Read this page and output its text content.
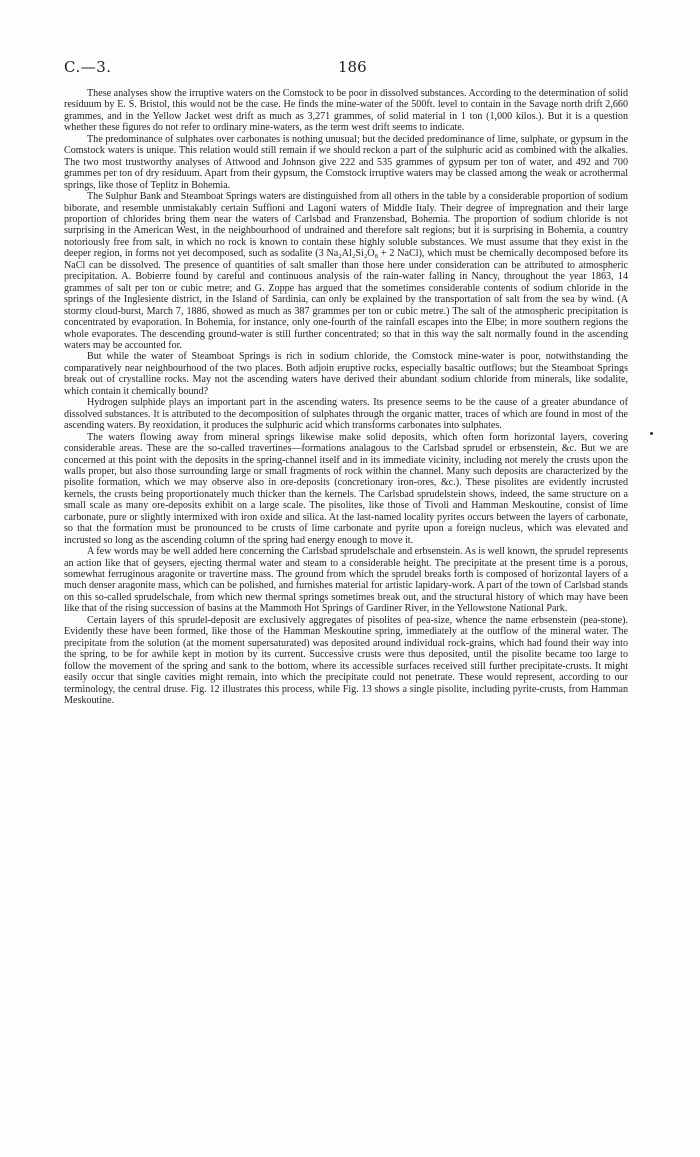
C.—3.	186

These analyses show the irruptive waters on the Comstock to be poor in dissolved substances. According to the determination of solid residuum by E. S. Bristol, this would not be the case. He finds the mine-water of the 500ft. level to contain in the Savage north drift 2,660 grammes, and in the Yellow Jacket west drift as much as 3,271 grammes, of solid material in 1 ton (1,000 kilos.). But it is a question whether these figures do not refer to ordinary mine-waters, as the term west drift seems to indicate.

The predominance of sulphates over carbonates is nothing unusual; but the decided predominance of lime, sulphate, or gypsum in the Comstock waters is unique. This relation would still remain if we should reckon a part of the sulphuric acid as combined with the alkalies. The two most trustworthy analyses of Attwood and Johnson give 222 and 535 grammes of gypsum per ton of water, and 492 and 700 grammes per ton of dry residuum. Apart from their gypsum, the Comstock irruptive waters may be classed among the weak or acrothermal springs, like those of Teplitz in Bohemia.

The Sulphur Bank and Steamboat Springs waters are distinguished from all others in the table by a considerable proportion of sodium biborate, and resemble unmistakably certain Suffioni and Lagoni waters of Middle Italy. Their degree of impregnation and their large proportion of chlorides bring them near the waters of Carlsbad and Franzensbad, Bohemia. The proportion of sodium chloride is not surprising in the American West, in the neighbourhood of undrained and therefore salt regions; but it is surprising in Bohemia, a country notoriously free from salt, in which no rock is known to contain these highly soluble substances. We must assume that they exist in the deeper region, in forms not yet decomposed, such as sodalite (3 Na₂Al₂Si₂O₈ + 2 NaCl), which must be chemically decomposed before its NaCl can be dissolved. The presence of quantities of salt smaller than those here under consideration can be attributed to atmospheric precipitation. A. Bobierre found by careful and continuous analysis of the rain-water falling in Nancy, throughout the year 1863, 14 grammes of salt per ton or cubic metre; and G. Zoppe has argued that the sometimes considerable contents of sodium chloride in the springs of the Inglesiente district, in the Island of Sardinia, can only be explained by the transportation of salt from the sea by wind. (A stormy cloud-burst, March 7, 1886, showed as much as 387 grammes per ton or cubic metre.) The salt of the atmospheric precipitation is concentrated by evaporation. In Bohemia, for instance, only one-fourth of the rainfall escapes into the Elbe; in more southern regions the whole evaporates. The descending ground-water is still further concentrated; so that in this way the salt normally found in the ascending waters may be accounted for.

But while the water of Steamboat Springs is rich in sodium chloride, the Comstock mine-water is poor, notwithstanding the comparatively near neighbourhood of the two places. Both adjoin eruptive rocks, especially basaltic outflows; but the Steamboat Springs break out of crystalline rocks. May not the ascending waters have derived their abundant sodium chloride from minerals, like sodalite, which contain it chemically bound?

Hydrogen sulphide plays an important part in the ascending waters. Its presence seems to be the cause of a greater abundance of dissolved substances. It is attributed to the decomposition of sulphates through the organic matter, traces of which are found in most of the ascending waters. By reoxidation, it produces the sulphuric acid which transforms carbonates into sulphates.

The waters flowing away from mineral springs likewise make solid deposits, which often form horizontal layers, covering considerable areas. These are the so-called travertines—formations analagous to the Carlsbad sprudel or erbsenstein, &c. But we are concerned at this point with the deposits in the spring-channel itself and in its immediate vicinity, including not merely the crusts upon the walls proper, but also those surrounding large or small fragments of rock within the channel. Many such deposits are characterized by the pisolite formation, which we may observe also in ore-deposits (concretionary iron-ores, &c.). These pisolites are evidently incrusted kernels, the crusts being proportionately much thicker than the kernels. The Carlsbad sprudelstein shows, indeed, the same structure on a small scale as many ore-deposits exhibit on a large scale. The pisolites, like those of Tivoli and Hamman Meskoutine, consist of lime carbonate, pure or slightly intermixed with iron oxide and silica. At the last-named locality pyrites occurs between the layers of carbonate, so that the formation must be pronounced to be crusts of lime carbonate and pyrite upon a foreign nucleus, which was elevated and incrusted so long as the ascending column of the spring had energy enough to move it.

A few words may be well added here concerning the Carlsbad sprudelschale and erbsenstein. As is well known, the sprudel represents an action like that of geysers, ejecting thermal water and steam to a considerable height. The precipitate at the present time is a porous, somewhat ferruginous aragonite or travertine mass. The ground from which the sprudel breaks forth is composed of horizontal layers of a much denser aragonite mass, which can be polished, and furnishes material for artistic lapidary-work. A part of the town of Carlsbad stands on this so-called sprudelschale, from which new thermal springs sometimes break out, and the structural history of which may have been like that of the rising succession of basins at the Mammoth Hot Springs of Gardiner River, in the Yellowstone National Park.

Certain layers of this sprudel-deposit are exclusively aggregates of pisolites of pea-size, whence the name erbsenstein (pea-stone). Evidently these have been formed, like those of the Hamman Meskoutine spring, immediately at the outflow of the mineral water. The precipitate from the solution (at the moment supersaturated) was deposited around individual rock-grains, which had found their way into the spring, to be for awhile kept in motion by its current. Successive crusts were thus deposited, until the pisolite became too large to follow the movement of the spring and sank to the bottom, where its accessible surfaces received still further precipitate-crusts. It might easily occur that single cavities might remain, into which the precipitate could not penetrate. These would represent, according to our terminology, the central druse. Fig. 12 illustrates this process, while Fig. 13 shows a single pisolite, including pyrite-crusts, from Hamman Meskoutine.
